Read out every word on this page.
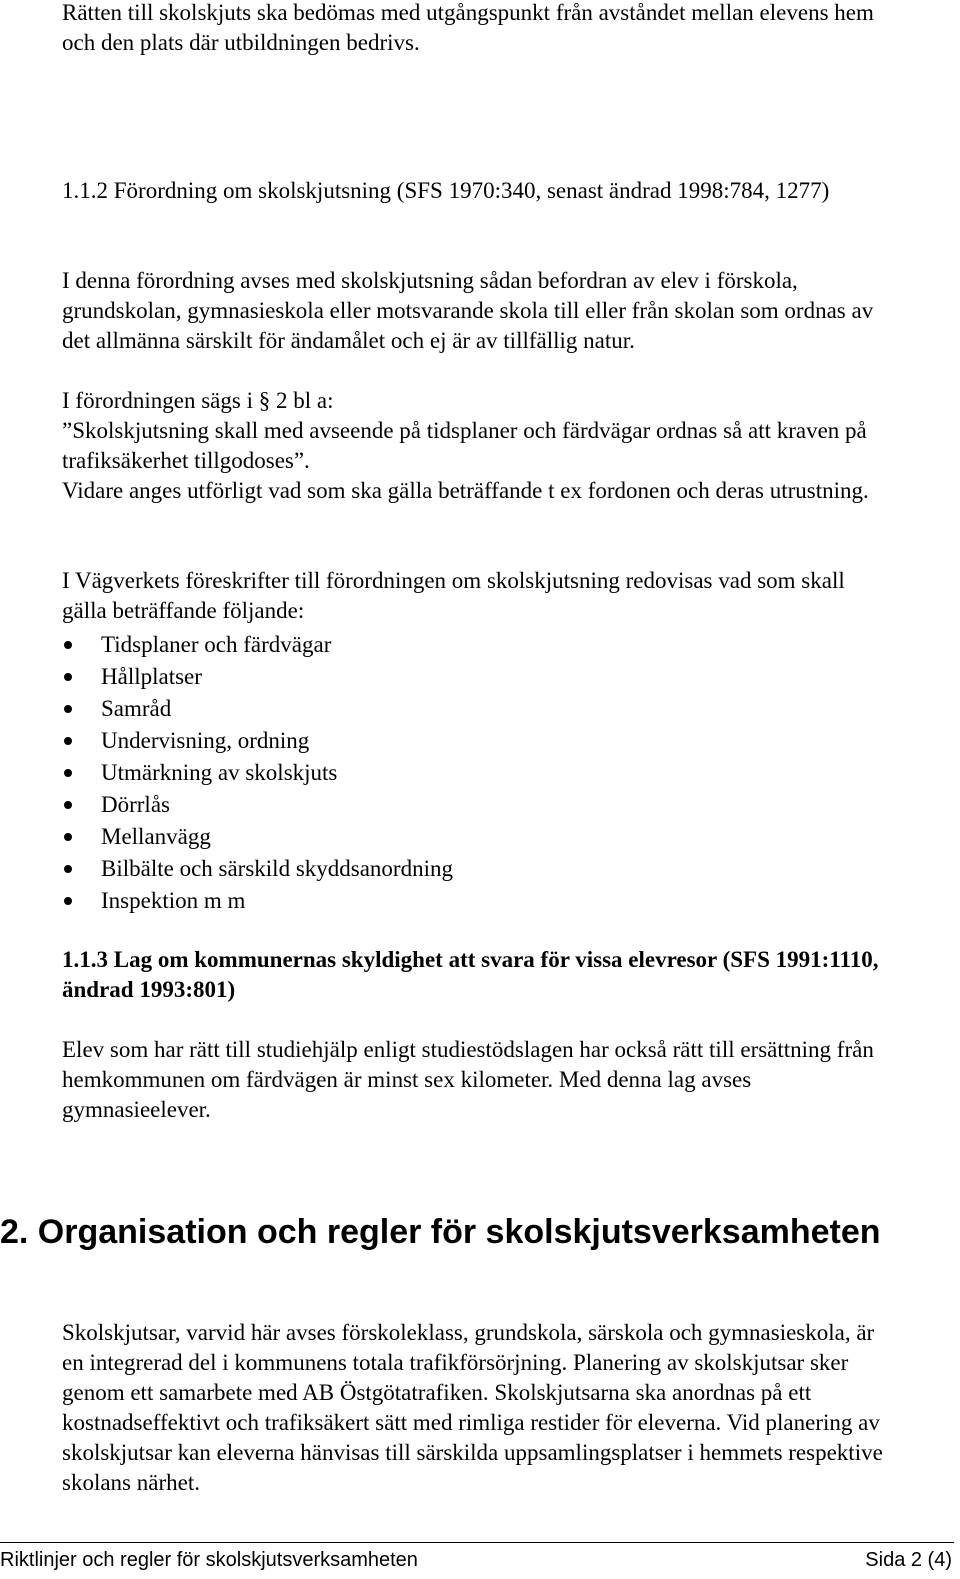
Rätten till skolskjuts ska bedömas med utgångspunkt från avståndet mellan elevens hem och den plats där utbildningen bedrivs.

1.1.2 Förordning om skolskjutsning (SFS 1970:340, senast ändrad 1998:784, 1277)

I denna förordning avses med skolskjutsning sådan befordran av elev i förskola, grundskolan, gymnasieskola eller motsvarande skola till eller från skolan som ordnas av det allmänna särskilt för ändamålet och ej är av tillfällig natur.

I förordningen sägs i § 2 bl a:

”Skolskjutsning skall med avseende på tidsplaner och färdvägar ordnas så att kraven på trafiksäkerhet tillgodoses”.

Vidare anges utförligt vad som ska gälla beträffande t ex fordonen och deras utrustning.

I Vägverkets föreskrifter till förordningen om skolskjutsning redovisas vad som skall gälla beträffande följande:

Tidsplaner och färdvägar
Hållplatser
Samråd
Undervisning, ordning
Utmärkning av skolskjuts
Dörrlås
Mellanvägg
Bilbälte och särskild skyddsanordning
Inspektion m m

1.1.3 Lag om kommunernas skyldighet att svara för vissa elevresor (SFS 1991:1110, ändrad 1993:801)

Elev som har rätt till studiehjälp enligt studiestödslagen har också rätt till ersättning från hemkommunen om färdvägen är minst sex kilometer. Med denna lag avses gymnasieelever.

2. Organisation och regler för skolskjutsverksamheten

Skolskjutsar, varvid här avses förskoleklass, grundskola, särskola och gymnasieskola, är en integrerad del i kommunens totala trafikförsörjning. Planering av skolskjutsar sker genom ett samarbete med AB Östgötatrafiken. Skolskjutsarna ska anordnas på ett kostnadseffektivt och trafiksäkert sätt med rimliga restider för eleverna. Vid planering av skolskjutsar kan eleverna hänvisas till särskilda uppsamlingsplatser i hemmets respektive skolans närhet.

Riktlinjer och regler för skolskjutsverksamheten	Sida 2 (4)
